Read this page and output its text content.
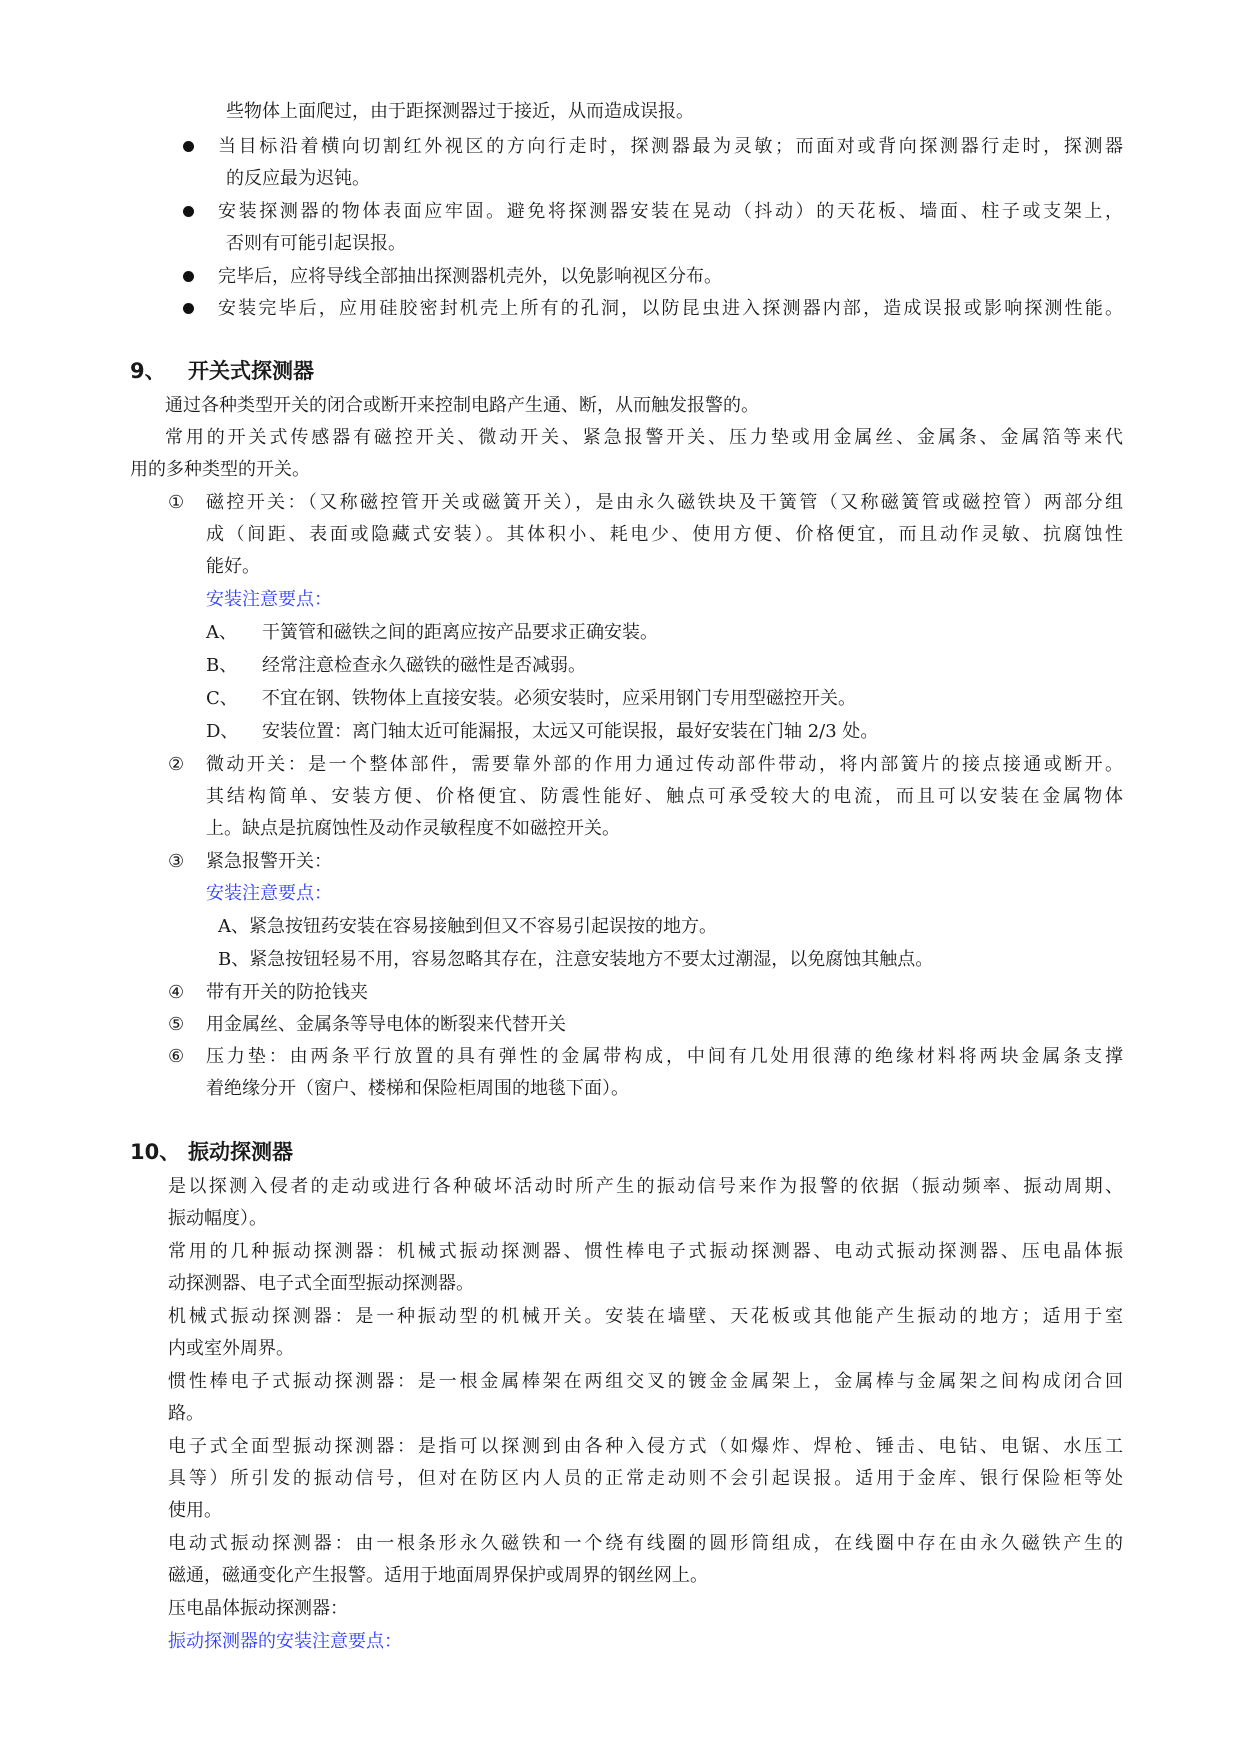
些物体上面爬过，由于距探测器过于接近，从而造成误报。
当目标沿着横向切割红外视区的方向行走时，探测器最为灵敏；而面对或背向探测器行走时，探测器
的反应最为迟钝。
安装探测器的物体表面应牢固。避免将探测器安装在晃动（抖动）的天花板、墙面、柱子或支架上，
否则有可能引起误报。
完毕后，应将导线全部抽出探测器机壳外，以免影响视区分布。
安装完毕后，应用硅胶密封机壳上所有的孔洞，以防昆虫进入探测器内部，造成误报或影响探测性能。
9、 开关式探测器
通过各种类型开关的闭合或断开来控制电路产生通、断，从而触发报警的。
常用的开关式传感器有磁控开关、微动开关、紧急报警开关、压力垫或用金属丝、金属条、金属箔等来代
用的多种类型的开关。
① 磁控开关：（又称磁控管开关或磁簧开关），是由永久磁铁块及干簧管（又称磁簧管或磁控管）两部分组
成（间距、表面或隐藏式安装）。其体积小、耗电少、使用方便、价格便宜，而且动作灵敏、抗腐蚀性
能好。
安装注意要点：
A、 干簧管和磁铁之间的距离应按产品要求正确安装。
B、 经常注意检查永久磁铁的磁性是否减弱。
C、 不宜在钢、铁物体上直接安装。必须安装时，应采用钢门专用型磁控开关。
D、 安装位置：离门轴太近可能漏报，太远又可能误报，最好安装在门轴 2/3 处。
② 微动开关：是一个整体部件，需要靠外部的作用力通过传动部件带动，将内部簧片的接点接通或断开。
其结构简单、安装方便、价格便宜、防震性能好、触点可承受较大的电流，而且可以安装在金属物体
上。缺点是抗腐蚀性及动作灵敏程度不如磁控开关。
③ 紧急报警开关：
安装注意要点：
A、紧急按钮药安装在容易接触到但又不容易引起误按的地方。
B、紧急按钮轻易不用，容易忽略其存在，注意安装地方不要太过潮湿，以免腐蚀其触点。
④ 带有开关的防抢钱夹
⑤ 用金属丝、金属条等导电体的断裂来代替开关
⑥ 压力垫：由两条平行放置的具有弹性的金属带构成，中间有几处用很薄的绝缘材料将两块金属条支撑
着绝缘分开（窗户、楼梯和保险柜周围的地毯下面）。
10、 振动探测器
是以探测入侵者的走动或进行各种破坏活动时所产生的振动信号来作为报警的依据（振动频率、振动周期、
振动幅度）。
常用的几种振动探测器：机械式振动探测器、惯性棒电子式振动探测器、电动式振动探测器、压电晶体振
动探测器、电子式全面型振动探测器。
机械式振动探测器：是一种振动型的机械开关。安装在墙壁、天花板或其他能产生振动的地方；适用于室
内或室外周界。
惯性棒电子式振动探测器：是一根金属棒架在两组交叉的镀金金属架上，金属棒与金属架之间构成闭合回
路。
电子式全面型振动探测器：是指可以探测到由各种入侵方式（如爆炸、焊枪、锤击、电钻、电锯、水压工
具等）所引发的振动信号，但对在防区内人员的正常走动则不会引起误报。适用于金库、银行保险柜等处
使用。
电动式振动探测器：由一根条形永久磁铁和一个绕有线圈的圆形筒组成，在线圈中存在由永久磁铁产生的
磁通，磁通变化产生报警。适用于地面周界保护或周界的钢丝网上。
压电晶体振动探测器：
振动探测器的安装注意要点：
